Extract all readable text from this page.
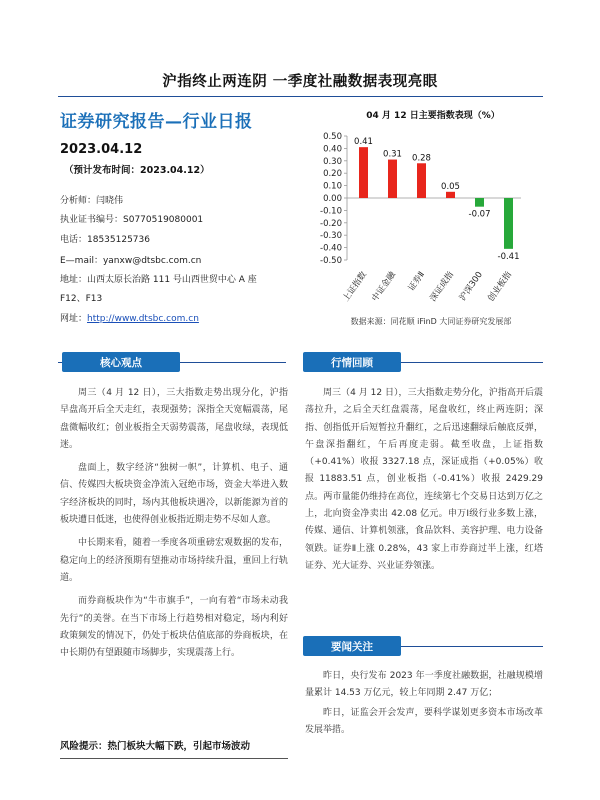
沪指终止两连阴 一季度社融数据表现亮眼
证券研究报告—行业日报
2023.04.12
（预计发布时间：2023.04.12）
分析师：闫晓伟
执业证书编号：S0770519080001
电话：18535125736
E—mail：yanxw@dtsbc.com.cn
地址：山西太原长治路 111 号山西世贸中心 A 座
F12、F13
网址：http://www.dtsbc.com.cn
04 月 12 日主要指数表现（%）
0.50
0.40
0.30
0.20
0.10
0.00
-0.10
-0.20
-0.30
-0.40
-0.50
0.41
上证指数
0.31
中证金融
0.28
证券Ⅱ
0.05
深证成指
-0.07
沪深300
-0.41
创业板指
数据来源：同花顺 iFinD 大同证券研究发展部
核心观点

周三（4 月 12 日），三大指数走势出现分化，沪指早盘高开后全天走红，表现强势；深指全天宽幅震荡，尾盘微幅收红；创业板指全天弱势震荡，尾盘收绿，表现低迷。

盘面上，数字经济“独树一帜”，计算机、电子、通信、传媒四大板块资金净流入冠绝市场，资金大举进入数字经济板块的同时，场内其他板块遇冷，以新能源为首的板块遭日低迷，也使得创业板指近期走势不尽如人意。

中长期来看，随着一季度各项重磅宏观数据的发布，稳定向上的经济预期有望推动市场持续升温，重回上行轨道。

而券商板块作为“牛市旗手”，一向有着“市场未动我先行”的美誉。在当下市场上行趋势相对稳定，场内利好政策频发的情况下，仍处于板块估值底部的券商板块，在中长期仍有望跟随市场脚步，实现震荡上行。

风险提示：热门板块大幅下跌，引起市场波动
行情回顾

周三（4 月 12 日），三大指数走势分化，沪指高开后震荡拉升，之后全天红盘震荡，尾盘收红，终止两连阴；深指、创指低开后短暂拉升翻红，之后迅速翻绿后触底反弹，午盘深指翻红，午后再度走弱。截至收盘，上证指数（+0.41%）收报 3327.18 点，深证成指（+0.05%）收报 11883.51 点，创业板指（-0.41%）收报 2429.29 点。两市量能仍维持在高位，连续第七个交易日达到万亿之上，北向资金净卖出 42.08 亿元。申万Ⅰ级行业多数上涨，传媒、通信、计算机领涨，食品饮料、美容护理、电力设备领跌。证券Ⅱ上涨 0.28%，43 家上市券商过半上涨，红塔证券、光大证券、兴业证券领涨。

要闻关注

昨日，央行发布 2023 年一季度社融数据，社融规模增量累计 14.53 万亿元，较上年同期 2.47 万亿；

昨日，证监会开会发声，要科学谋划更多资本市场改革发展举措。
